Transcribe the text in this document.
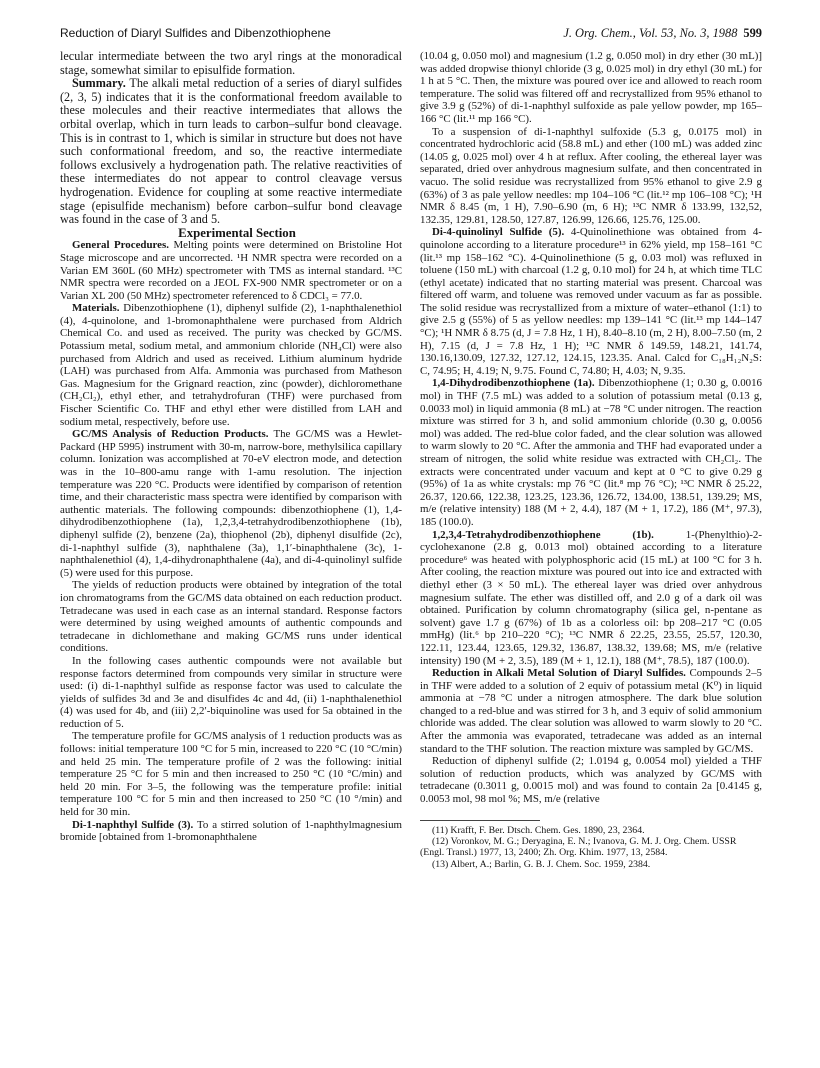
Reduction of Diaryl Sulfides and Dibenzothiophene	J. Org. Chem., Vol. 53, No. 3, 1988 599

lecular intermediate between the two aryl rings at the monoradical stage, somewhat similar to episulfide formation.

Summary. The alkali metal reduction of a series of diaryl sulfides (2, 3, 5) indicates that it is the conformational freedom available to these molecules and their reactive intermediates that allows the orbital overlap, which in turn leads to carbon–sulfur bond cleavage. This is in contrast to 1, which is similar in structure but does not have such conformational freedom, and so, the reactive intermediate follows exclusively a hydrogenation path. The relative reactivities of these intermediates do not appear to control cleavage versus hydrogenation. Evidence for coupling at some reactive intermediate stage (episulfide mechanism) before carbon–sulfur bond cleavage was found in the case of 3 and 5.

Experimental Section

General Procedures. Melting points were determined on Bristoline Hot Stage microscope and are uncorrected. ¹H NMR spectra were recorded on a Varian EM 360L (60 MHz) spectrometer with TMS as internal standard. ¹³C NMR spectra were recorded on a JEOL FX-900 NMR spectrometer or on a Varian XL 200 (50 MHz) spectrometer referenced to δ CDCl₃ = 77.0.

Materials. Dibenzothiophene (1), diphenyl sulfide (2), 1-naphthalenethiol (4), 4-quinolone, and 1-bromonaphthalene were purchased from Aldrich Chemical Co. and used as received. The purity was checked by GC/MS. Potassium metal, sodium metal, and ammonium chloride (NH₄Cl) were also purchased from Aldrich and used as received. Lithium aluminum hydride (LAH) was purchased from Alfa. Ammonia was purchased from Matheson Gas. Magnesium for the Grignard reaction, zinc (powder), dichloromethane (CH₂Cl₂), ethyl ether, and tetrahydrofuran (THF) were purchased from Fischer Scientific Co. THF and ethyl ether were distilled from LAH and sodium metal, respectively, before use.

GC/MS Analysis of Reduction Products. The GC/MS was a Hewlet-Packard (HP 5995) instrument with 30-m, narrow-bore, methylsilica capillary column. Ionization was accomplished at 70-eV electron mode, and detection was in the 10–800-amu range with 1-amu resolution. The injection temperature was 220 °C. Products were identified by comparison of retention time, and their characteristic mass spectra were identified by comparison with authentic materials. The following compounds: dibenzothiophene (1), 1,4-dihydrodibenzothiophene (1a), 1,2,3,4-tetrahydrodibenzothiophene (1b), diphenyl sulfide (2), benzene (2a), thiophenol (2b), diphenyl disulfide (2c), di-1-naphthyl sulfide (3), naphthalene (3a), 1,1′-binaphthalene (3c), 1-naphthalenethiol (4), 1,4-dihydronaphthalene (4a), and di-4-quinolinyl sulfide (5) were used for this purpose.

The yields of reduction products were obtained by integration of the total ion chromatograms from the GC/MS data obtained on each reduction product. Tetradecane was used in each case as an internal standard. Response factors were determined by using weighed amounts of authentic compounds and tetradecane in dichlomethane and making GC/MS runs under identical conditions.

In the following cases authentic compounds were not available but response factors determined from compounds very similar in structure were used: (i) di-1-naphthyl sulfide as response factor was used to calculate the yields of sulfides 3d and 3e and disulfides 4c and 4d, (ii) 1-naphthalenethiol (4) was used for 4b, and (iii) 2,2′-biquinoline was used for 5a obtained in the reduction of 5.

The temperature profile for GC/MS analysis of 1 reduction products was as follows: initial temperature 100 °C for 5 min, increased to 220 °C (10 °C/min) and held 25 min. The temperature profile of 2 was the following: initial temperature 25 °C for 5 min and then increased to 250 °C (10 °C/min) and held 20 min. For 3–5, the following was the temperature profile: initial temperature 100 °C for 5 min and then increased to 250 °C (10 °/min) and held for 30 min.

Di-1-naphthyl Sulfide (3). To a stirred solution of 1-naphthylmagnesium bromide [obtained from 1-bromonaphthalene

(10.04 g, 0.050 mol) and magnesium (1.2 g, 0.050 mol) in dry ether (30 mL)] was added dropwise thionyl chloride (3 g, 0.025 mol) in dry ethyl (30 mL) for 1 h at 5 °C. Then, the mixture was poured over ice and allowed to reach room temperature. The solid was filtered off and recrystallized from 95% ethanol to give 3.9 g (52%) of di-1-naphthyl sulfoxide as pale yellow powder, mp 165–166 °C (lit.¹¹ mp 166 °C).

To a suspension of di-1-naphthyl sulfoxide (5.3 g, 0.0175 mol) in concentrated hydrochloric acid (58.8 mL) and ether (100 mL) was added zinc (14.05 g, 0.025 mol) over 4 h at reflux. After cooling, the ethereal layer was separated, dried over anhydrous magnesium sulfate, and then concentrated in vacuo. The solid residue was recrystallized from 95% ethanol to give 2.9 g (63%) of 3 as pale yellow needles: mp 104–106 °C (lit.¹² mp 106–108 °C); ¹H NMR δ 8.45 (m, 1 H), 7.90–6.90 (m, 6 H); ¹³C NMR δ 133.99, 132,52, 132.35, 129.81, 128.50, 127.87, 126.99, 126.66, 125.76, 125.00.

Di-4-quinolinyl Sulfide (5). 4-Quinolinethione was obtained from 4-quinolone according to a literature procedure¹³ in 62% yield, mp 158–161 °C (lit.¹³ mp 158–162 °C). 4-Quinolinethione (5 g, 0.03 mol) was refluxed in toluene (150 mL) with charcoal (1.2 g, 0.10 mol) for 24 h, at which time TLC (ethyl acetate) indicated that no starting material was present. Charcoal was filtered off warm, and toluene was removed under vacuum as far as possible. The solid residue was recrystallized from a mixture of water–ethanol (1:1) to give 2.5 g (55%) of 5 as yellow needles: mp 139–141 °C (lit.¹³ mp 144–147 °C); ¹H NMR δ 8.75 (d, J = 7.8 Hz, 1 H), 8.40–8.10 (m, 2 H), 8.00–7.50 (m, 2 H), 7.15 (d, J = 7.8 Hz, 1 H); ¹³C NMR δ 149.59, 148.21, 141.74, 130.16,130.09, 127.32, 127.12, 124.15, 123.35. Anal. Calcd for C₁₈H₁₂N₂S: C, 74.95; H, 4.19; N, 9.75. Found C, 74.80; H, 4.03; N, 9.35.

1,4-Dihydrodibenzothiophene (1a). Dibenzothiophene (1; 0.30 g, 0.0016 mol) in THF (7.5 mL) was added to a solution of potassium metal (0.13 g, 0.0033 mol) in liquid ammonia (8 mL) at −78 °C under nitrogen. The reaction mixture was stirred for 3 h, and solid ammonium chloride (0.30 g, 0.0056 mol) was added. The red-blue color faded, and the clear solution was allowed to warm slowly to 20 °C. After the ammonia and THF had evaporated under a stream of nitrogen, the solid white residue was extracted with CH₂Cl₂. The extracts were concentrated under vacuum and kept at 0 °C to give 0.29 g (95%) of 1a as white crystals: mp 76 °C (lit.⁸ mp 76 °C); ¹³C NMR δ 25.22, 26.37, 120.66, 122.38, 123.25, 123.36, 126.72, 134.00, 138.51, 139.29; MS, m/e (relative intensity) 188 (M + 2, 4.4), 187 (M + 1, 17.2), 186 (M⁺, 97.3), 185 (100.0).

1,2,3,4-Tetrahydrodibenzothiophene (1b). 1-(Phenylthio)-2-cyclohexanone (2.8 g, 0.013 mol) obtained according to a literature procedure⁶ was heated with polyphosphoric acid (15 mL) at 100 °C for 3 h. After cooling, the reaction mixture was poured out into ice and extracted with diethyl ether (3 × 50 mL). The ethereal layer was dried over anhydrous magnesium sulfate. The ether was distilled off, and 2.0 g of a dark oil was obtained. Purification by column chromatography (silica gel, n-pentane as solvent) gave 1.7 g (67%) of 1b as a colorless oil: bp 208–217 °C (0.05 mmHg) (lit.⁶ bp 210–220 °C); ¹³C NMR δ 22.25, 23.55, 25.57, 120.30, 122.11, 123.44, 123.65, 129.32, 136.87, 138.32, 139.68; MS, m/e (relative intensity) 190 (M + 2, 3.5), 189 (M + 1, 12.1), 188 (M⁺, 78.5), 187 (100.0).

Reduction in Alkali Metal Solution of Diaryl Sulfides. Compounds 2–5 in THF were added to a solution of 2 equiv of potassium metal (K⁰) in liquid ammonia at −78 °C under a nitrogen atmosphere. The dark blue solution changed to a red-blue and was stirred for 3 h, and 3 equiv of solid ammonium chloride was added. The clear solution was allowed to warm slowly to 20 °C. After the ammonia was evaporated, tetradecane was added as an internal standard to the THF solution. The reaction mixture was sampled by GC/MS.

Reduction of diphenyl sulfide (2; 1.0194 g, 0.0054 mol) yielded a THF solution of reduction products, which was analyzed by GC/MS with tetradecane (0.3011 g, 0.0015 mol) and was found to contain 2a [0.4145 g, 0.0053 mol, 98 mol %; MS, m/e (relative

(11) Krafft, F. Ber. Dtsch. Chem. Ges. 1890, 23, 2364.

(12) Voronkov, M. G.; Deryagina, E. N.; Ivanova, G. M. J. Org. Chem. USSR (Engl. Transl.) 1977, 13, 2400; Zh. Org. Khim. 1977, 13, 2584.

(13) Albert, A.; Barlin, G. B. J. Chem. Soc. 1959, 2384.
